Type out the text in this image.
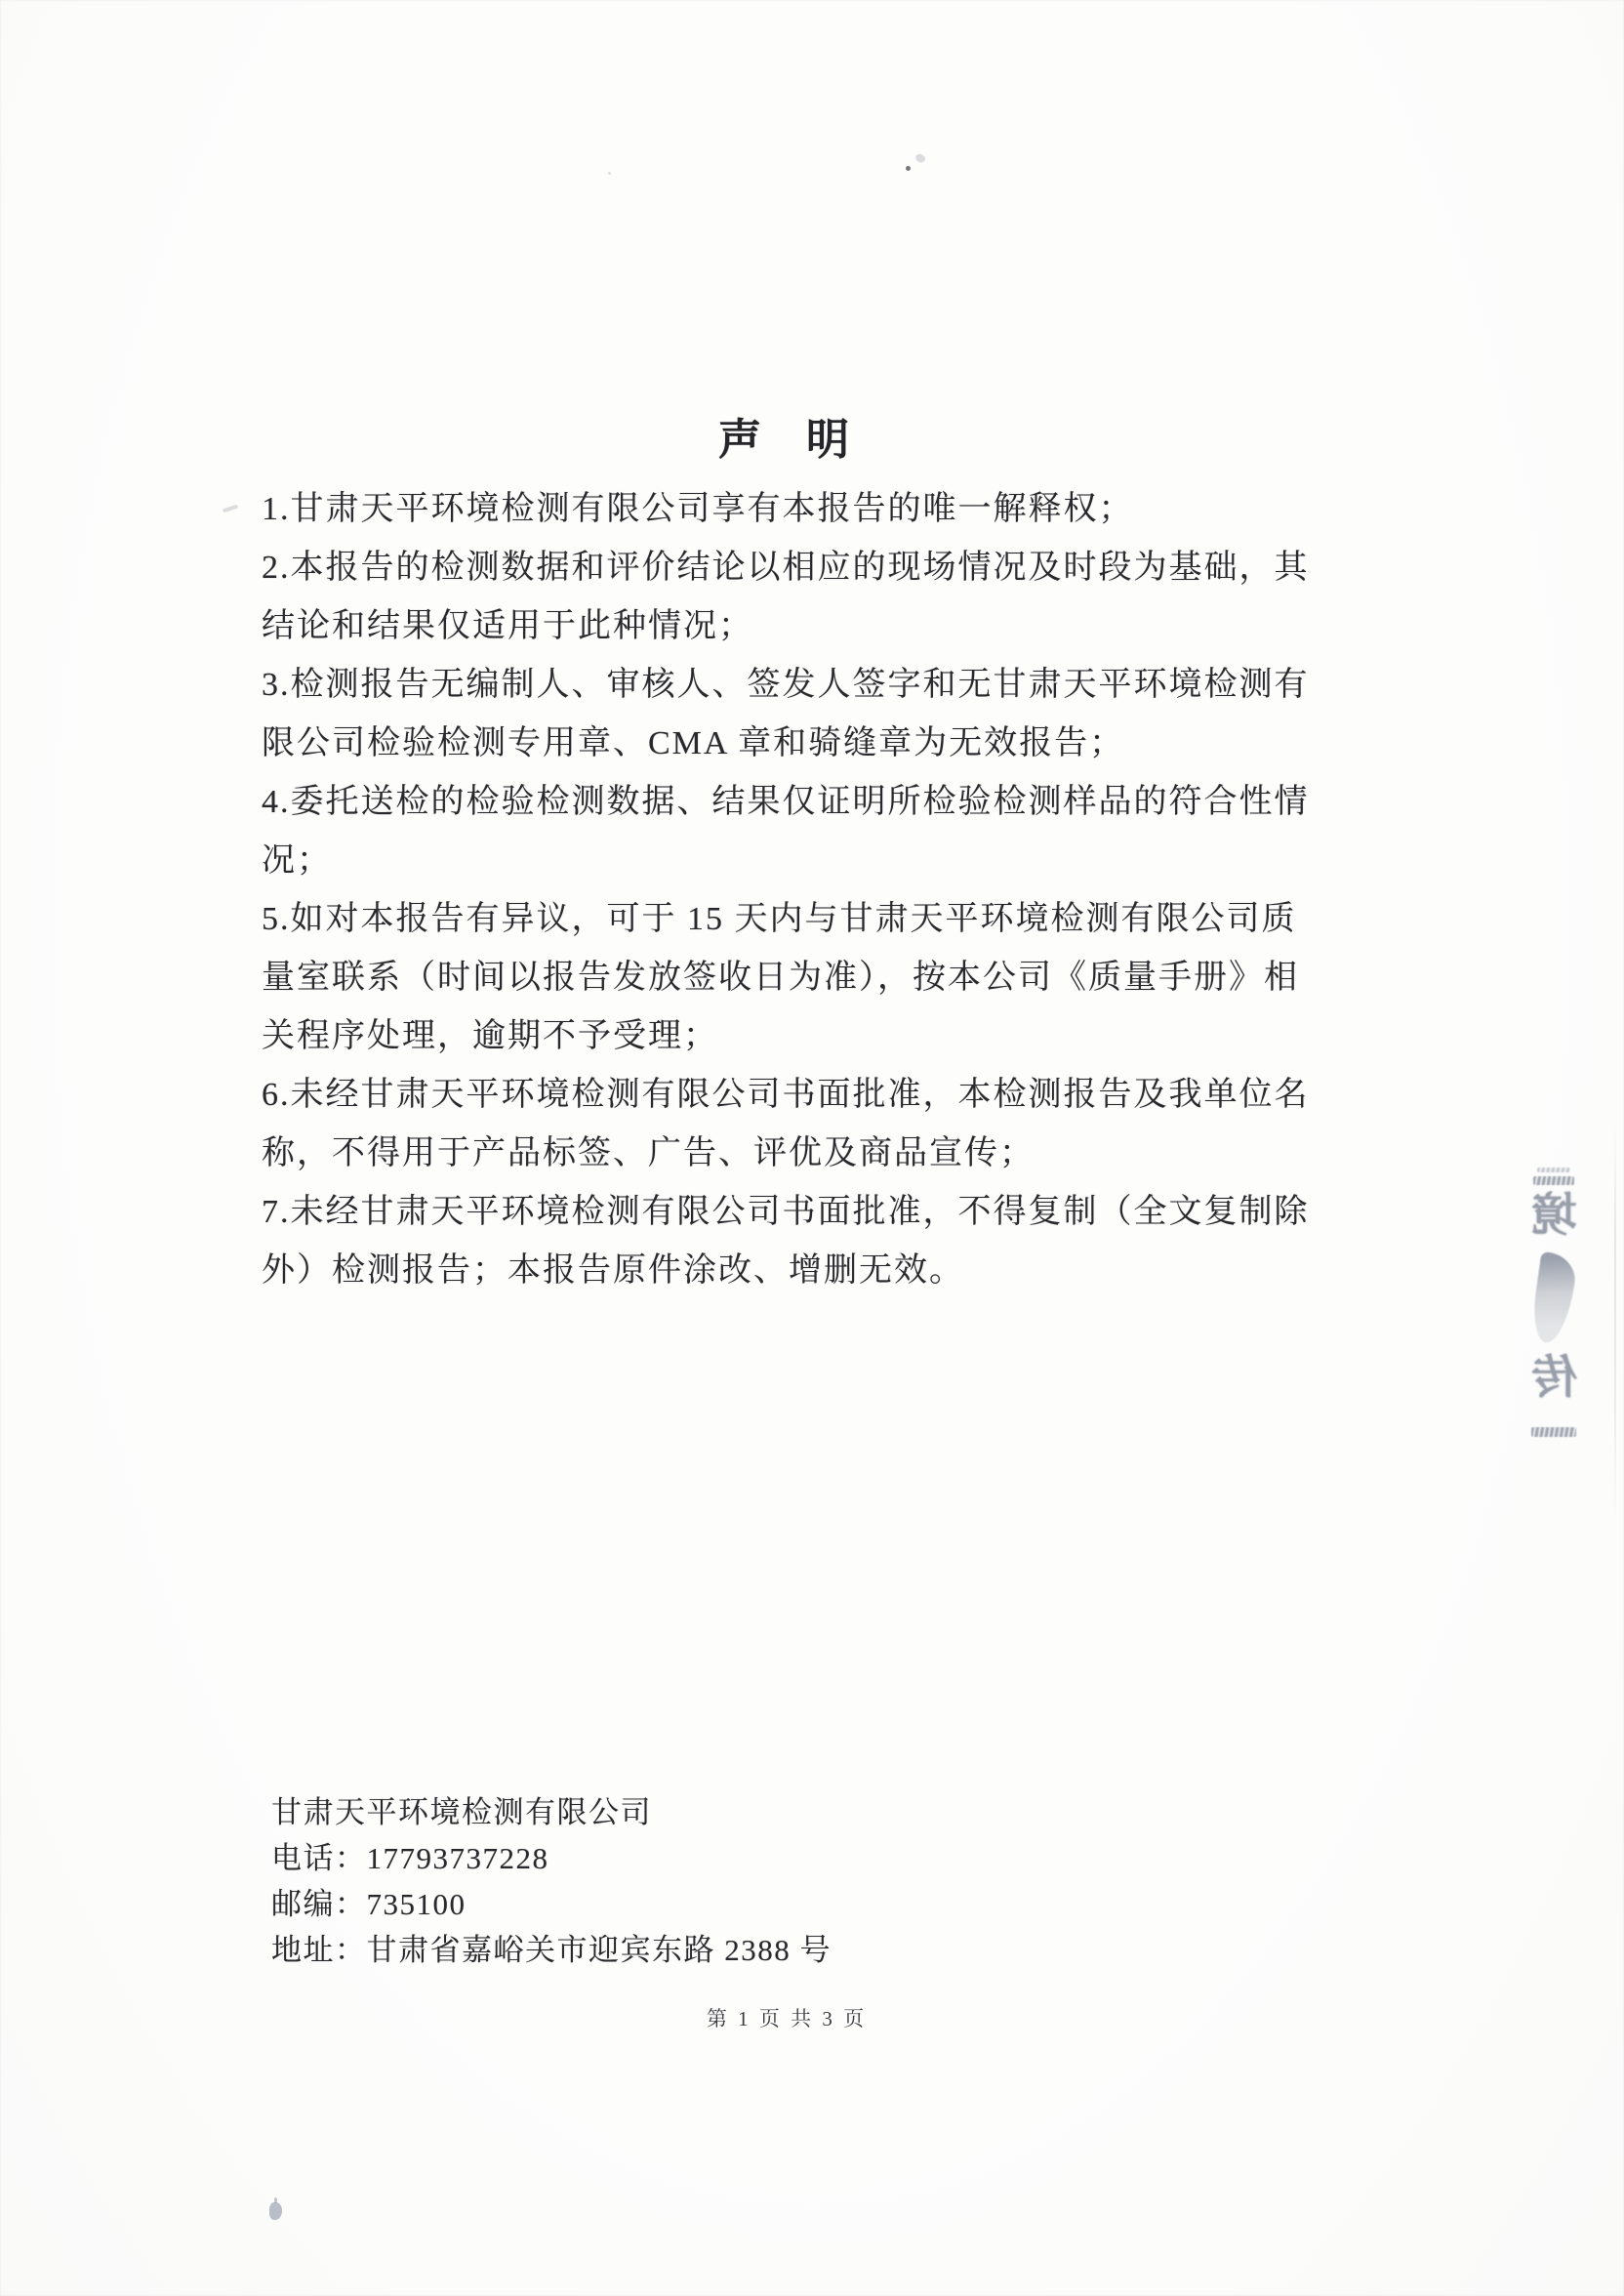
声明
1.甘肃天平环境检测有限公司享有本报告的唯一解释权；
2.本报告的检测数据和评价结论以相应的现场情况及时段为基础，其
结论和结果仅适用于此种情况；
3.检测报告无编制人、审核人、签发人签字和无甘肃天平环境检测有
限公司检验检测专用章、CMA 章和骑缝章为无效报告；
4.委托送检的检验检测数据、结果仅证明所检验检测样品的符合性情
况；
5.如对本报告有异议，可于 15 天内与甘肃天平环境检测有限公司质
量室联系（时间以报告发放签收日为准），按本公司《质量手册》相
关程序处理，逾期不予受理；
6.未经甘肃天平环境检测有限公司书面批准，本检测报告及我单位名
称，不得用于产品标签、广告、评优及商品宣传；
7.未经甘肃天平环境检测有限公司书面批准，不得复制（全文复制除
外）检测报告；本报告原件涂改、增删无效。
甘肃天平环境检测有限公司
电话：17793737228
邮编：735100
地址：甘肃省嘉峪关市迎宾东路 2388 号
第 1 页 共 3 页
境
传
